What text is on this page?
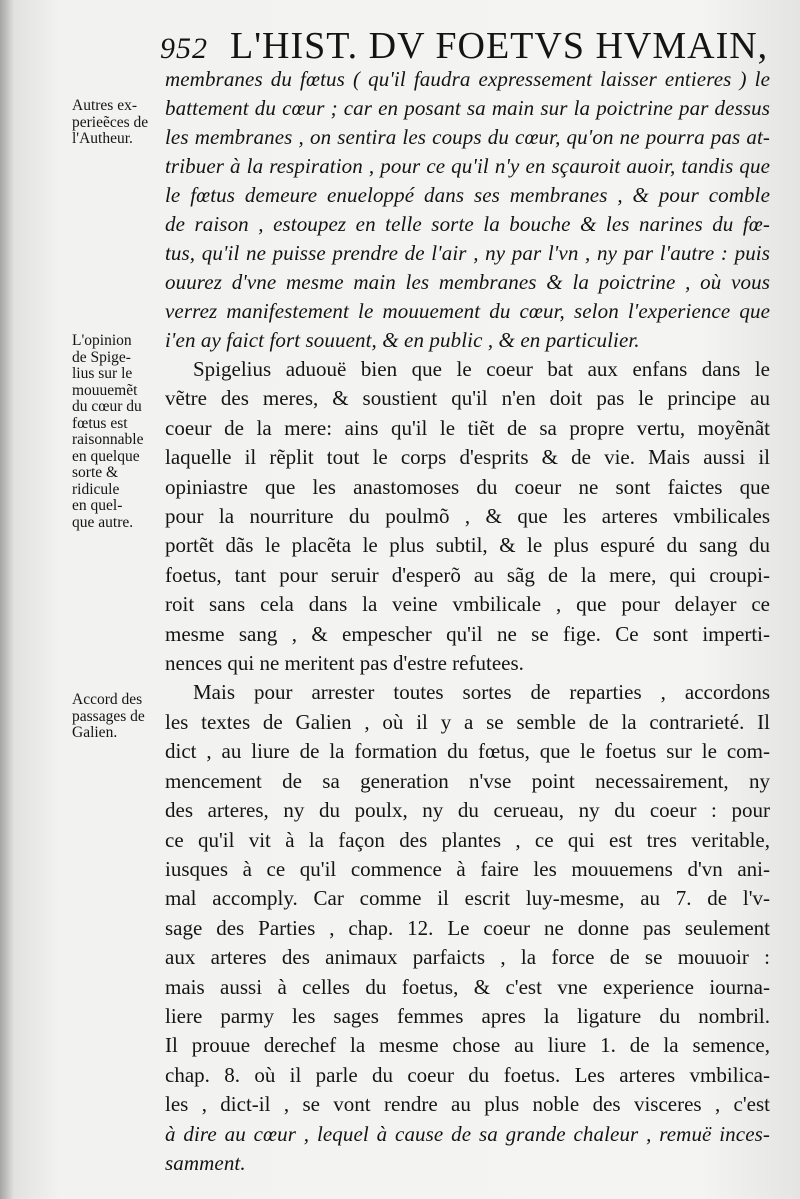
952 L'HIST. DV FOETVS HVMAIN,
Autres ex-
perieẽces de
l'Autheur.
L'opinion
de Spige-
lius sur le
mouuemẽt
du cœur du
fœtus est
raisonnable
en quelque
sorte &
ridicule
en quel-
que autre.
Accord des
passages de
Galien.
membranes du fœtus ( qu'il faudra expressement laisser entieres ) le
battement du cœur ; car en posant sa main sur la poictrine par dessus
les membranes , on sentira les coups du cœur, qu'on ne pourra pas at-
tribuer à la respiration , pour ce qu'il n'y en sçauroit auoir, tandis que
le fœtus demeure enueloppé dans ses membranes , & pour comble
de raison , estoupez en telle sorte la bouche & les narines du fœ-
tus, qu'il ne puisse prendre de l'air , ny par l'vn , ny par l'autre : puis
ouurez d'vne mesme main les membranes & la poictrine , où vous
verrez manifestement le mouuement du cœur, selon l'experience que
i'en ay faict fort souuent, & en public , & en particulier.
Spigelius aduouë bien que le coeur bat aux enfans dans le
vẽtre des meres, & soustient qu'il n'en doit pas le principe au
coeur de la mere: ains qu'il le tiẽt de sa propre vertu, moyẽnãt
laquelle il rẽplit tout le corps d'esprits & de vie. Mais aussi il
opiniastre que les anastomoses du coeur ne sont faictes que
pour la nourriture du poulmõ , & que les arteres vmbilicales
portẽt dãs le placẽta le plus subtil, & le plus espuré du sang du
foetus, tant pour seruir d'esperõ au sãg de la mere, qui croupi-
roit sans cela dans la veine vmbilicale , que pour delayer ce
mesme sang , & empescher qu'il ne se fige. Ce sont imperti-
nences qui ne meritent pas d'estre refutees.
Mais pour arrester toutes sortes de reparties , accordons
les textes de Galien , où il y a se semble de la contrarieté. Il
dict , au liure de la formation du fœtus, que le foetus sur le com-
mencement de sa generation n'vse point necessairement, ny
des arteres, ny du poulx, ny du cerueau, ny du coeur : pour
ce qu'il vit à la façon des plantes , ce qui est tres veritable,
iusques à ce qu'il commence à faire les mouuemens d'vn ani-
mal accomply. Car comme il escrit luy-mesme, au 7. de l'v-
sage des Parties , chap. 12. Le coeur ne donne pas seulement
aux arteres des animaux parfaicts , la force de se mouuoir :
mais aussi à celles du foetus, & c'est vne experience iourna-
liere parmy les sages femmes apres la ligature du nombril.
Il prouue derechef la mesme chose au liure 1. de la semence,
chap. 8. où il parle du coeur du foetus. Les arteres vmbilica-
les , dict-il , se vont rendre au plus noble des visceres , c'est
à dire au cœur , lequel à cause de sa grande chaleur , remuë inces-
samment.
